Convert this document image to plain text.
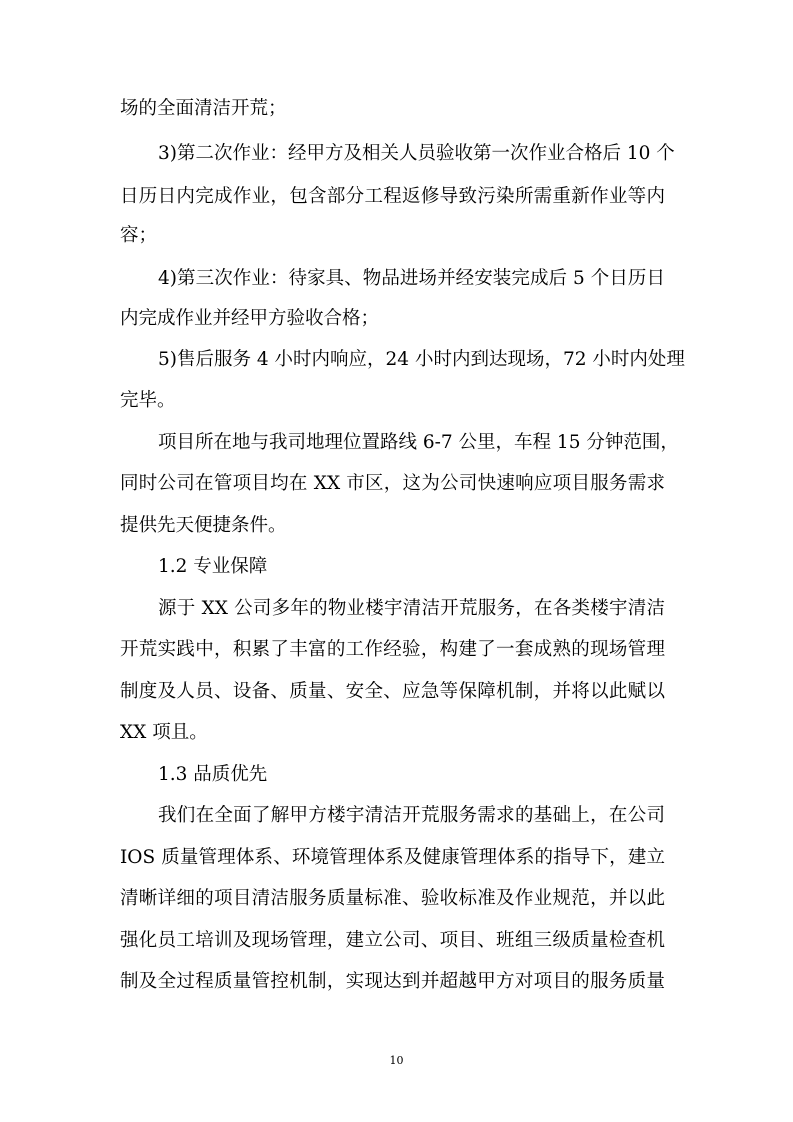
场的全面清洁开荒；
3)第二次作业：经甲方及相关人员验收第一次作业合格后 10 个
日历日内完成作业，包含部分工程返修导致污染所需重新作业等内
容；
4)第三次作业：待家具、物品进场并经安装完成后 5 个日历日
内完成作业并经甲方验收合格；
5)售后服务 4 小时内响应，24 小时内到达现场，72 小时内处理
完毕。
项目所在地与我司地理位置路线 6-7 公里，车程 15 分钟范围，
同时公司在管项目均在 XX 市区，这为公司快速响应项目服务需求
提供先天便捷条件。
1.2 专业保障
源于 XX 公司多年的物业楼宇清洁开荒服务，在各类楼宇清洁
开荒实践中，积累了丰富的工作经验，构建了一套成熟的现场管理
制度及人员、设备、质量、安全、应急等保障机制，并将以此赋以
XX 项且。
1.3 品质优先
我们在全面了解甲方楼宇清洁开荒服务需求的基础上，在公司
IOS 质量管理体系、环境管理体系及健康管理体系的指导下，建立
清晰详细的项目清洁服务质量标准、验收标准及作业规范，并以此
强化员工培训及现场管理，建立公司、项目、班组三级质量检查机
制及全过程质量管控机制，实现达到并超越甲方对项目的服务质量
10
